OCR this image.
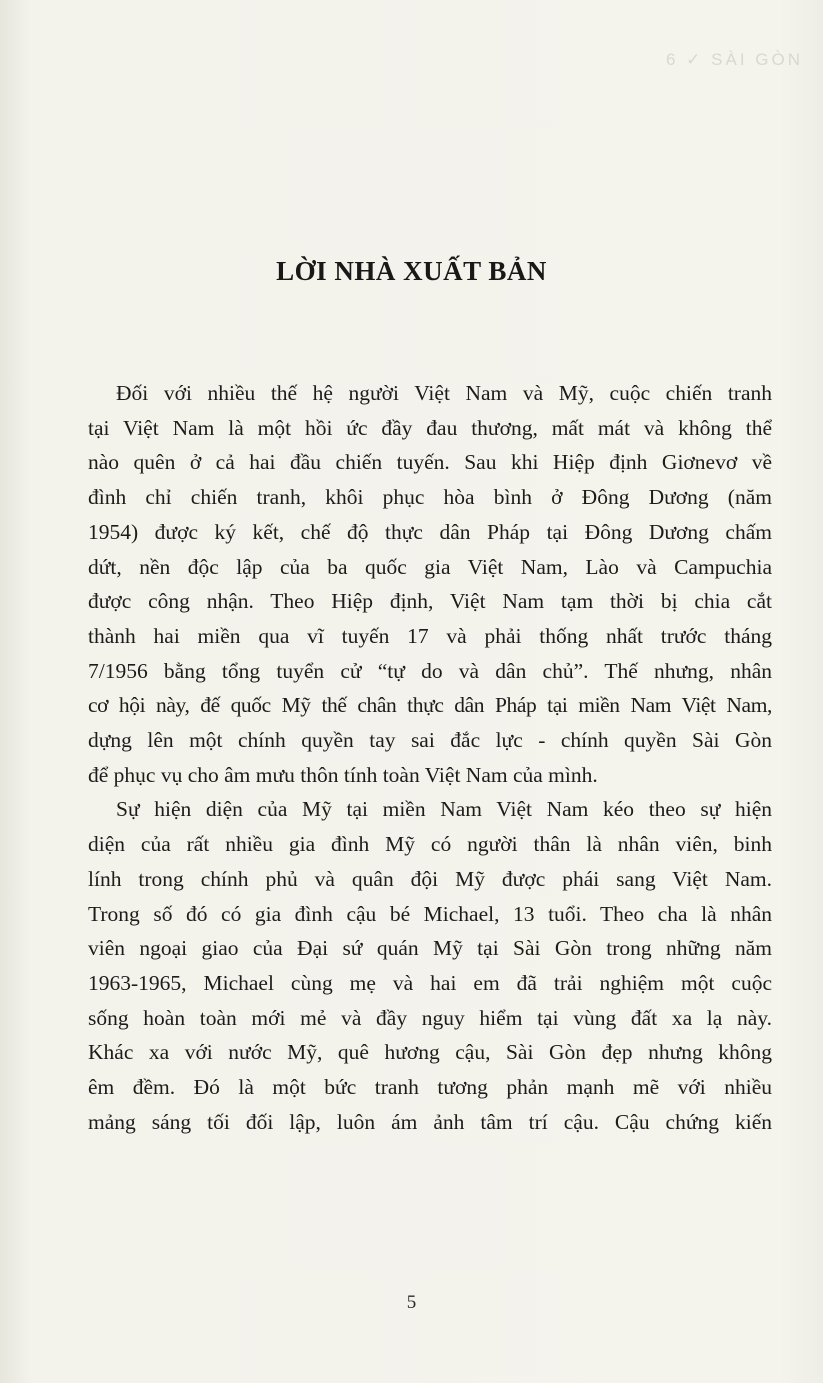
6 ✓ SÀI GÒN
LỜI NHÀ XUẤT BẢN

Đối với nhiều thế hệ người Việt Nam và Mỹ, cuộc chiến tranh
tại Việt Nam là một hồi ức đầy đau thương, mất mát và không thể
nào quên ở cả hai đầu chiến tuyến. Sau khi Hiệp định Giơnevơ về
đình chỉ chiến tranh, khôi phục hòa bình ở Đông Dương (năm
1954) được ký kết, chế độ thực dân Pháp tại Đông Dương chấm
dứt, nền độc lập của ba quốc gia Việt Nam, Lào và Campuchia
được công nhận. Theo Hiệp định, Việt Nam tạm thời bị chia cắt
thành hai miền qua vĩ tuyến 17 và phải thống nhất trước tháng
7/1956 bằng tổng tuyển cử “tự do và dân chủ”. Thế nhưng, nhân
cơ hội này, đế quốc Mỹ thế chân thực dân Pháp tại miền Nam Việt Nam,
dựng lên một chính quyền tay sai đắc lực - chính quyền Sài Gòn
để phục vụ cho âm mưu thôn tính toàn Việt Nam của mình.

Sự hiện diện của Mỹ tại miền Nam Việt Nam kéo theo sự hiện
diện của rất nhiều gia đình Mỹ có người thân là nhân viên, binh
lính trong chính phủ và quân đội Mỹ được phái sang Việt Nam.
Trong số đó có gia đình cậu bé Michael, 13 tuổi. Theo cha là nhân
viên ngoại giao của Đại sứ quán Mỹ tại Sài Gòn trong những năm
1963-1965, Michael cùng mẹ và hai em đã trải nghiệm một cuộc
sống hoàn toàn mới mẻ và đầy nguy hiểm tại vùng đất xa lạ này.
Khác xa với nước Mỹ, quê hương cậu, Sài Gòn đẹp nhưng không
êm đềm. Đó là một bức tranh tương phản mạnh mẽ với nhiều
mảng sáng tối đối lập, luôn ám ảnh tâm trí cậu. Cậu chứng kiến

5
